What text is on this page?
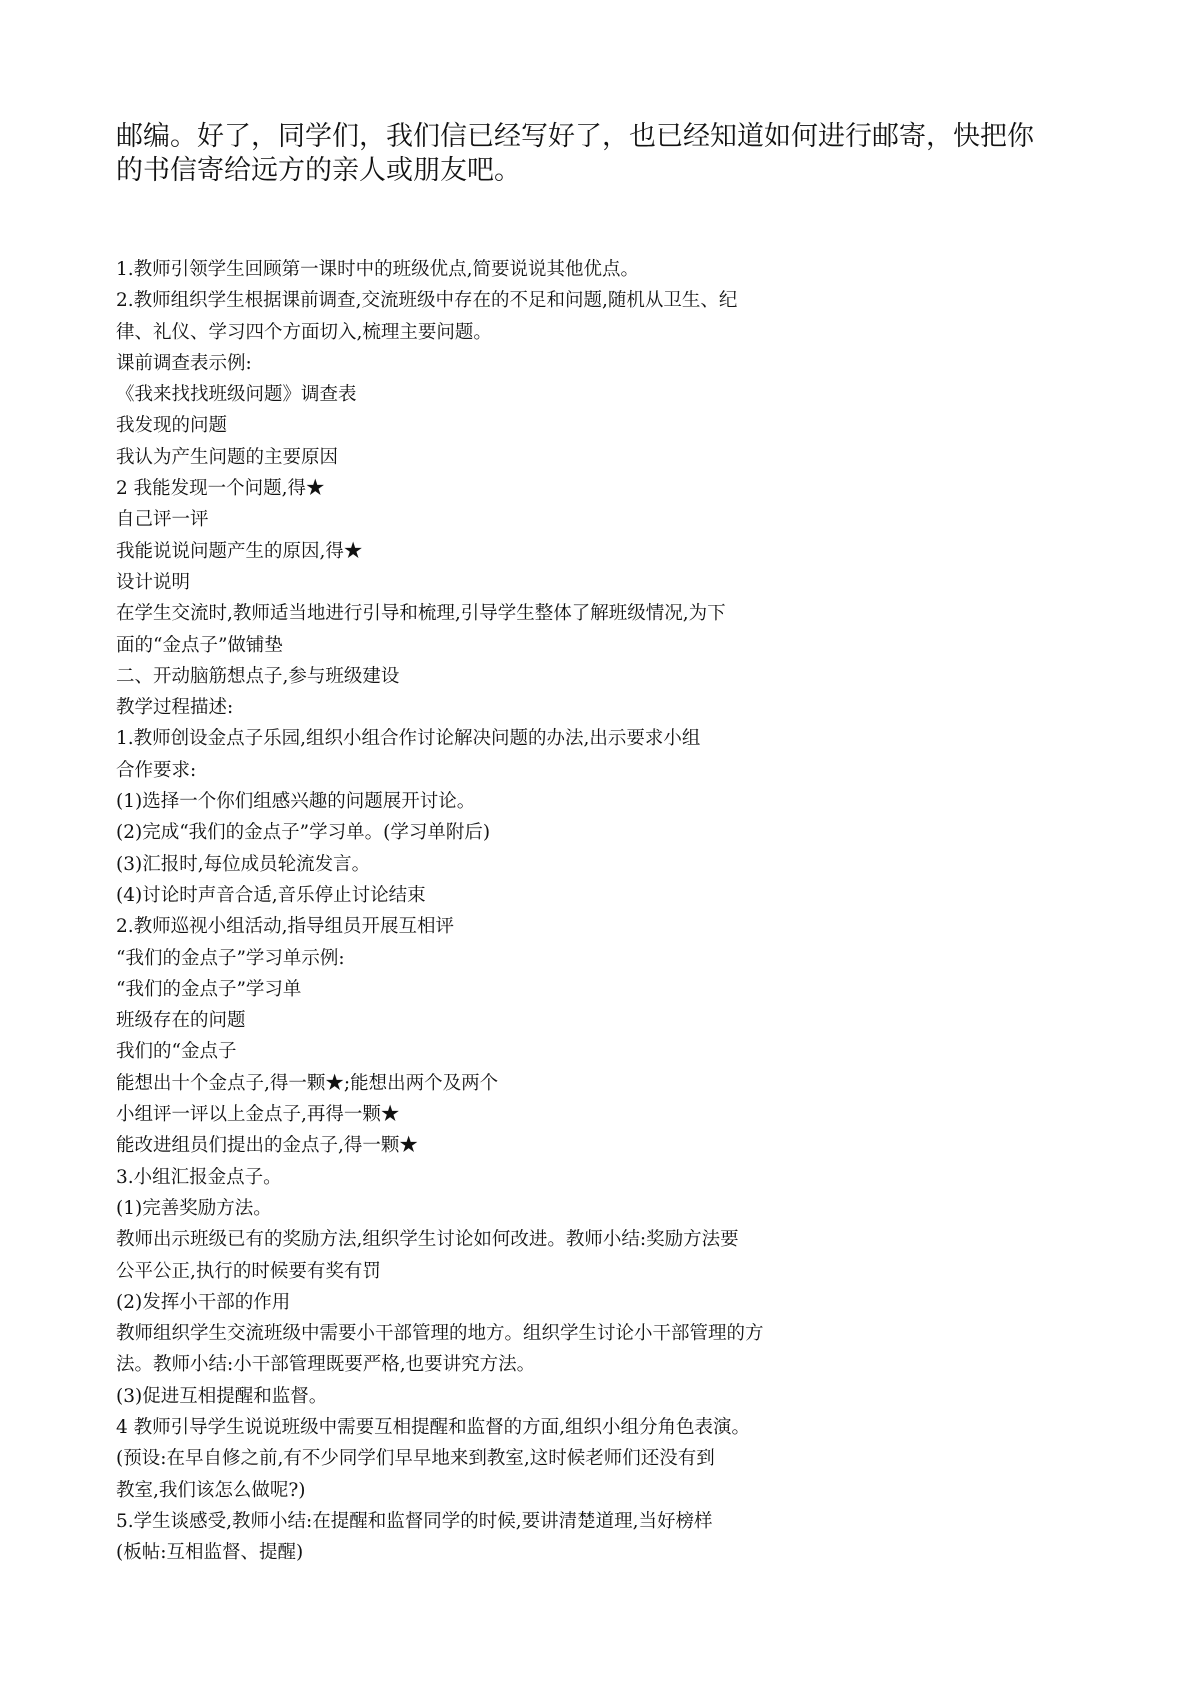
邮编。好了，同学们，我们信已经写好了，也已经知道如何进行邮寄，快把你
的书信寄给远方的亲人或朋友吧。
1.教师引领学生回顾第一课时中的班级优点,简要说说其他优点。
2.教师组织学生根据课前调查,交流班级中存在的不足和问题,随机从卫生、纪
律、礼仪、学习四个方面切入,梳理主要问题。
课前调查表示例:
《我来找找班级问题》调查表
我发现的问题
我认为产生问题的主要原因
2 我能发现一个问题,得★
自己评一评
我能说说问题产生的原因,得★
设计说明
在学生交流时,教师适当地进行引导和梳理,引导学生整体了解班级情况,为下
面的“金点子”做铺垫
二、开动脑筋想点子,参与班级建设
教学过程描述:
1.教师创设金点子乐园,组织小组合作讨论解决问题的办法,出示要求小组
合作要求:
(1)选择一个你们组感兴趣的问题展开讨论。
(2)完成“我们的金点子”学习单。(学习单附后)
(3)汇报时,每位成员轮流发言。
(4)讨论时声音合适,音乐停止讨论结束
2.教师巡视小组活动,指导组员开展互相评
“我们的金点子”学习单示例:
“我们的金点子”学习单
班级存在的问题
我们的“金点子
能想出十个金点子,得一颗★;能想出两个及两个
小组评一评以上金点子,再得一颗★
能改进组员们提出的金点子,得一颗★
3.小组汇报金点子。
(1)完善奖励方法。
教师出示班级已有的奖励方法,组织学生讨论如何改进。教师小结:奖励方法要
公平公正,执行的时候要有奖有罚
(2)发挥小干部的作用
教师组织学生交流班级中需要小干部管理的地方。组织学生讨论小干部管理的方
法。教师小结:小干部管理既要严格,也要讲究方法。
(3)促进互相提醒和监督。
4 教师引导学生说说班级中需要互相提醒和监督的方面,组织小组分角色表演。
(预设:在早自修之前,有不少同学们早早地来到教室,这时候老师们还没有到
教室,我们该怎么做呢?)
5.学生谈感受,教师小结:在提醒和监督同学的时候,要讲清楚道理,当好榜样
(板帖:互相监督、提醒)
